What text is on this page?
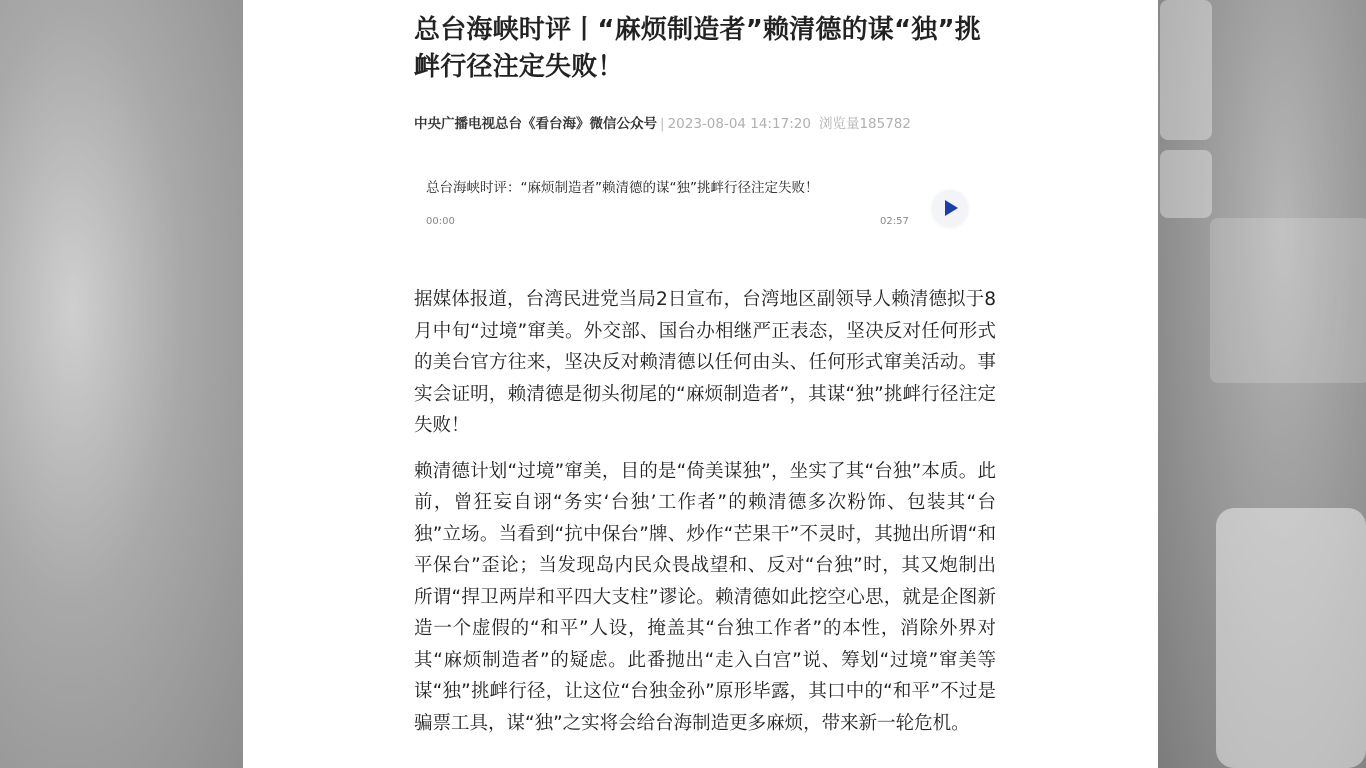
总台海峡时评丨“麻烦制造者”赖清德的谋“独”挑衅行径注定失败！
中央广播电视总台《看台海》微信公众号 | 2023-08-04 14:17:20 浏览量185782
总台海峡时评：“麻烦制造者”赖清德的谋“独”挑衅行径注定失败！
00:00	02:57

据媒体报道，台湾民进党当局2日宣布，台湾地区副领导人赖清德拟于8月中旬“过境”窜美。外交部、国台办相继严正表态，坚决反对任何形式的美台官方往来，坚决反对赖清德以任何由头、任何形式窜美活动。事实会证明，赖清德是彻头彻尾的“麻烦制造者”，其谋“独”挑衅行径注定失败！

赖清德计划“过境”窜美，目的是“倚美谋独”，坐实了其“台独”本质。此前，曾狂妄自诩“务实‘台独’工作者”的赖清德多次粉饰、包装其“台独”立场。当看到“抗中保台”牌、炒作“芒果干”不灵时，其抛出所谓“和平保台”歪论；当发现岛内民众畏战望和、反对“台独”时，其又炮制出所谓“捍卫两岸和平四大支柱”谬论。赖清德如此挖空心思，就是企图新造一个虚假的“和平”人设，掩盖其“台独工作者”的本性，消除外界对其“麻烦制造者”的疑虑。此番抛出“走入白宫”说、筹划“过境”窜美等谋“独”挑衅行径，让这位“台独金孙”原形毕露，其口中的“和平”不过是骗票工具，谋“独”之实将会给台海制造更多麻烦，带来新一轮危机。
